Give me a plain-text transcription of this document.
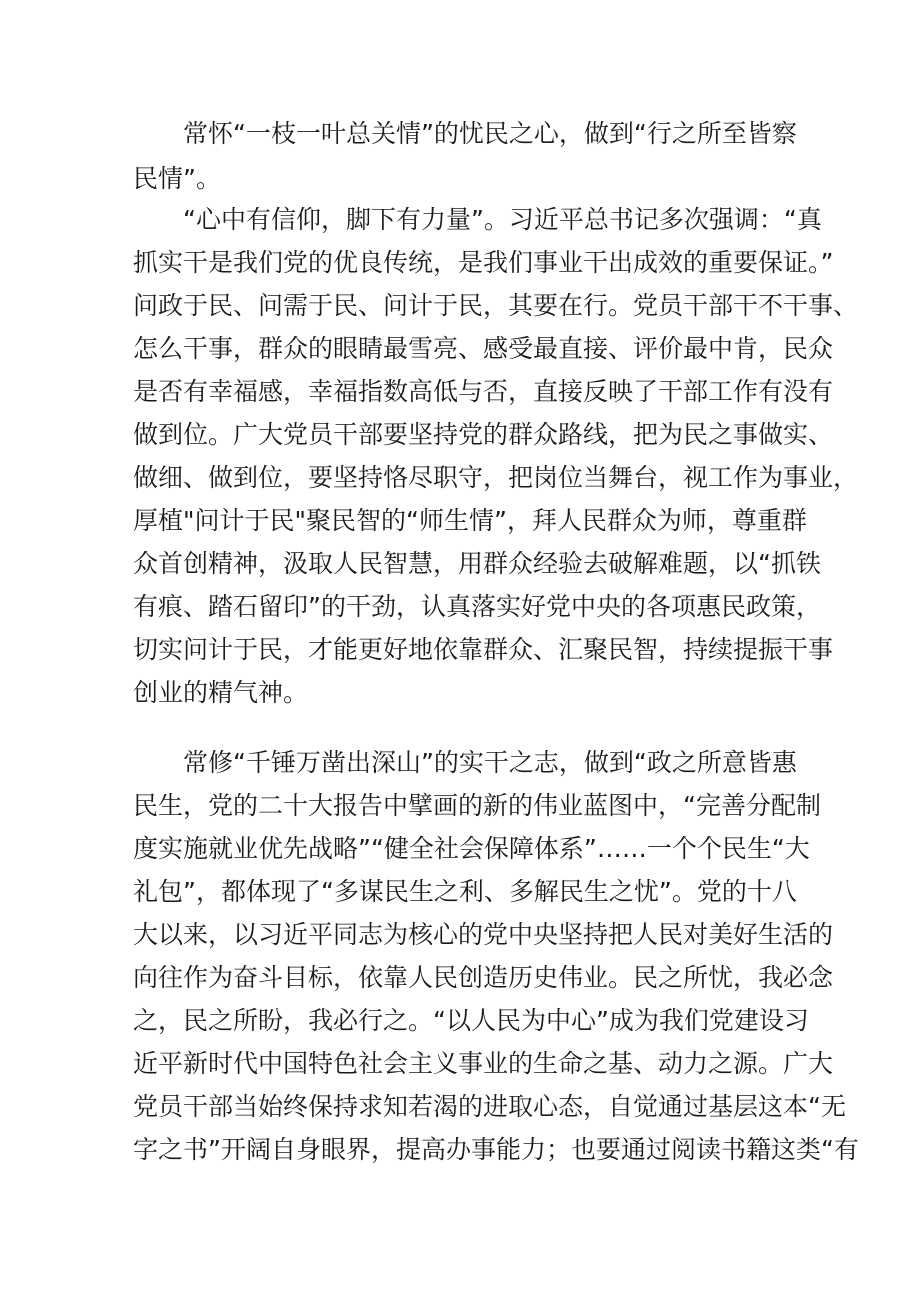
　　常怀“一枝一叶总关情”的忧民之心，做到“行之所至皆察
民情”。
　　“心中有信仰，脚下有力量”。习近平总书记多次强调：“真
抓实干是我们党的优良传统，是我们事业干出成效的重要保证。”
问政于民、问需于民、问计于民，其要在行。党员干部干不干事、
怎么干事，群众的眼睛最雪亮、感受最直接、评价最中肯，民众
是否有幸福感，幸福指数高低与否，直接反映了干部工作有没有
做到位。广大党员干部要坚持党的群众路线，把为民之事做实、
做细、做到位，要坚持恪尽职守，把岗位当舞台，视工作为事业，
厚植"问计于民"聚民智的“师生情”，拜人民群众为师，尊重群
众首创精神，汲取人民智慧，用群众经验去破解难题，以“抓铁
有痕、踏石留印”的干劲，认真落实好党中央的各项惠民政策，
切实问计于民，才能更好地依靠群众、汇聚民智，持续提振干事
创业的精气神。
　　常修“千锤万凿出深山”的实干之志，做到“政之所意皆惠
民生，党的二十大报告中擘画的新的伟业蓝图中，“完善分配制
度实施就业优先战略”“健全社会保障体系”……一个个民生“大
礼包”，都体现了“多谋民生之利、多解民生之忧”。党的十八
大以来，以习近平同志为核心的党中央坚持把人民对美好生活的
向往作为奋斗目标，依靠人民创造历史伟业。民之所忧，我必念
之，民之所盼，我必行之。“以人民为中心”成为我们党建设习
近平新时代中国特色社会主义事业的生命之基、动力之源。广大
党员干部当始终保持求知若渴的进取心态，自觉通过基层这本“无
字之书”开阔自身眼界，提高办事能力；也要通过阅读书籍这类“有
